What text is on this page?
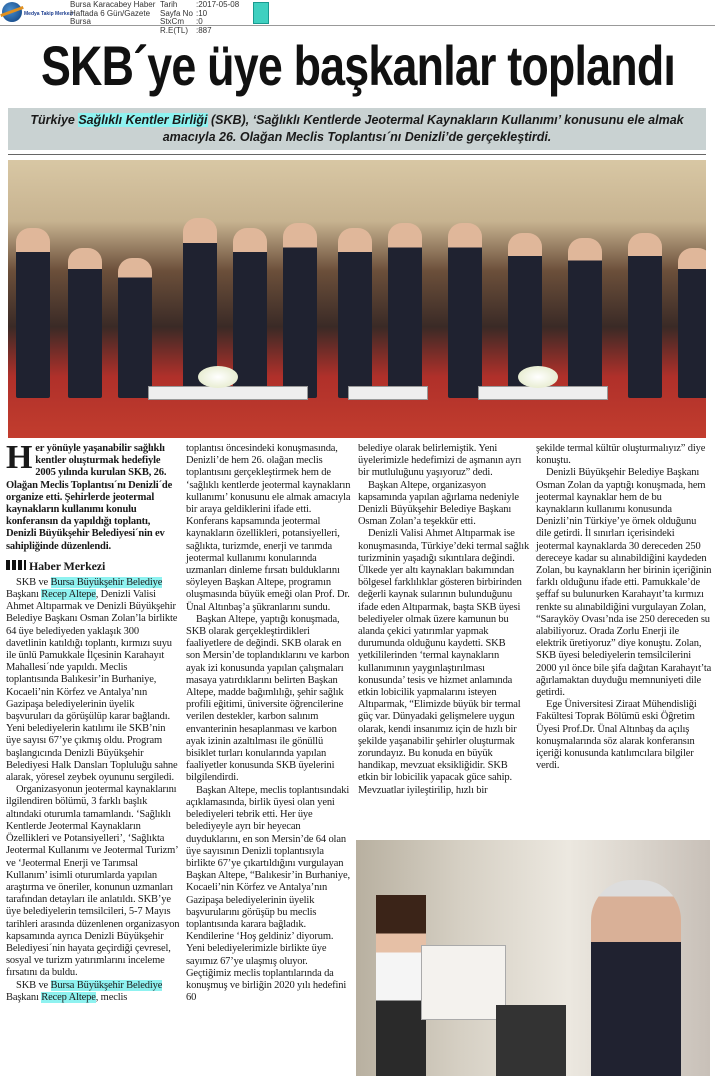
Medya Takip Merkezi
Bursa Karacabey Haber
Haftada 6 Gün/Gazete
Bursa
Tarih	:2017-05-08
Sayfa No :10
StxCm	:0
R.E(TL)	:887
SKB´ye üye başkanlar toplandı
Türkiye Sağlıklı Kentler Birliği (SKB), ‘Sağlıklı Kentlerde Jeotermal Kaynakların Kullanımı’ konusunu ele almak amacıyla 26. Olağan Meclis Toplantısı´nı Denizli’de gerçekleştirdi.
Her yönüyle yaşanabilir sağlıklı kentler oluşturmak hedefiyle 2005 yılında kurulan SKB, 26. Olağan Meclis Toplantısı´nı Denizli´de organize etti. Şehirlerde jeotermal kaynakların kullanımı konulu konferansın da yapıldığı toplantı, Denizli Büyükşehir Belediyesi´nin ev sahipliğinde düzenlendi.
Haber Merkezi

SKB ve Bursa Büyükşehir Belediye Başkanı Recep Altepe, Denizli Valisi Ahmet Altıparmak ve Denizli Büyükşehir Belediye Başkanı Osman Zolan’la birlikte 64 üye belediyeden yaklaşık 300 davetlinin katıldığı toplantı, kırmızı suyu ile ünlü Pamukkale İlçesinin Karahayıt Mahallesi´nde yapıldı. Meclis toplantısında Balıkesir’in Burhaniye, Kocaeli’nin Körfez ve Antalya’nın Gazipaşa belediyelerinin üyelik başvuruları da görüşülüp karar bağlandı. Yeni belediyelerin katılımı ile SKB’nin üye sayısı 67’ye çıkmış oldu. Program başlangıcında Denizli Büyükşehir Belediyesi Halk Dansları Topluluğu sahne alarak, yöresel zeybek oyununu sergiledi.

Organizasyonun jeotermal kaynaklarını ilgilendiren bölümü, 3 farklı başlık altındaki oturumla tamamlandı. ‘Sağlıklı Kentlerde Jeotermal Kaynakların Özellikleri ve Potansiyelleri’, ‘Sağlıkta Jeotermal Kullanımı ve Jeotermal Turizm’ ve ‘Jeotermal Enerji ve Tarımsal Kullanım’ isimli oturumlarda yapılan araştırma ve öneriler, konunun uzmanları tarafından detayları ile anlatıldı. SKB’ye üye belediyelerin temsilcileri, 5-7 Mayıs tarihleri arasında düzenlenen organizasyon kapsamında ayrıca Denizli Büyükşehir Belediyesi´nin hayata geçirdiği çevresel, sosyal ve turizm yatırımlarını inceleme fırsatını da buldu.

SKB ve Bursa Büyükşehir Belediye Başkanı Recep Altepe, meclis

toplantısı öncesindeki konuşmasında, Denizli’de hem 26. olağan meclis toplantısını gerçekleştirmek hem de ‘sağlıklı kentlerde jeotermal kaynakların kullanımı’ konusunu ele almak amacıyla bir araya geldiklerini ifade etti. Konferans kapsamında jeotermal kaynakların özellikleri, potansiyelleri, sağlıkta, turizmde, enerji ve tarımda jeotermal kullanımı konularında uzmanları dinleme fırsatı bulduklarını söyleyen Başkan Altepe, programın oluşmasında büyük emeği olan Prof. Dr. Ünal Altınbaş’a şükranlarını sundu.

Başkan Altepe, yaptığı konuşmada, SKB olarak gerçekleştirdikleri faaliyetlere de değindi. SKB olarak en son Mersin’de toplandıklarını ve karbon ayak izi konusunda yapılan çalışmaları masaya yatırdıklarını belirten Başkan Altepe, madde bağımlılığı, şehir sağlık profili eğitimi, üniversite öğrencilerine verilen destekler, karbon salınım envanterinin hesaplanması ve karbon ayak izinin azaltılması ile gönüllü bisiklet turları konularında yapılan faaliyetler konusunda SKB üyelerini bilgilendirdi.

Başkan Altepe, meclis toplantısındaki açıklamasında, birlik üyesi olan yeni belediyeleri tebrik etti. Her üye belediyeyle ayrı bir heyecan duyduklarını, en son Mersin’de 64 olan üye sayısının Denizli toplantısıyla birlikte 67’ye çıkartıldığını vurgulayan Başkan Altepe, “Balıkesir’in Burhaniye, Kocaeli’nin Körfez ve Antalya’nın Gazipaşa belediyelerinin üyelik başvurularını görüşüp bu meclis toplantısında karara bağladık. Kendilerine ‘Hoş geldiniz’ diyorum. Yeni belediyelerimizle birlikte üye sayımız 67’ye ulaşmış oluyor. Geçtiğimiz meclis toplantılarında da konuşmuş ve birliğin 2020 yılı hedefini 60

belediye olarak belirlemiştik. Yeni üyelerimizle hedefimizi de aşmanın ayrı bir mutluluğunu yaşıyoruz” dedi.

Başkan Altepe, organizasyon kapsamında yapılan ağırlama nedeniyle Denizli Büyükşehir Belediye Başkanı Osman Zolan’a teşekkür etti.

Denizli Valisi Ahmet Altıparmak ise konuşmasında, Türkiye’deki termal sağlık turizminin yaşadığı sıkıntılara değindi. Ülkede yer altı kaynakları bakımından bölgesel farklılıklar gösteren birbirinden değerli kaynak sularının bulunduğunu ifade eden Altıparmak, başta SKB üyesi belediyeler olmak üzere kamunun bu alanda çekici yatırımlar yapmak durumunda olduğunu kaydetti. SKB yetkililerinden ‘termal kaynakların kullanımının yaygınlaştırılması konusunda’ tesis ve hizmet anlamında etkin lobicilik yapmalarını isteyen Altıparmak, “Elimizde büyük bir termal güç var. Dünyadaki gelişmelere uygun olarak, kendi insanımız için de hızlı bir şekilde yaşanabilir şehirler oluşturmak zorundayız. Bu konuda en büyük handikap, mevzuat eksikliğidir. SKB etkin bir lobicilik yapacak güce sahip. Mevzuatlar iyileştirilip, hızlı bir

şekilde termal kültür oluşturmalıyız” diye konuştu.

Denizli Büyükşehir Belediye Başkanı Osman Zolan da yaptığı konuşmada, hem jeotermal kaynaklar hem de bu kaynakların kullanımı konusunda Denizli’nin Türkiye’ye örnek olduğunu dile getirdi. İl sınırları içerisindeki jeotermal kaynaklarda 30 dereceden 250 dereceye kadar su alınabildiğini kaydeden Zolan, bu kaynakların her birinin içeriğinin farklı olduğunu ifade etti. Pamukkale’de şeffaf su bulunurken Karahayıt’ta kırmızı renkte su alınabildiğini vurgulayan Zolan, “Sarayköy Ovası’nda ise 250 dereceden su alabiliyoruz. Orada Zorlu Enerji ile elektrik üretiyoruz” diye konuştu. Zolan, SKB üyesi belediyelerin temsilcilerini 2000 yıl önce bile şifa dağıtan Karahayıt’ta ağırlamaktan duyduğu memnuniyeti dile getirdi.

Ege Üniversitesi Ziraat Mühendisliği Fakültesi Toprak Bölümü eski Öğretim Üyesi Prof.Dr. Ünal Altınbaş da açılış konuşmalarında söz alarak konferansın içeriği konusunda katılımcılara bilgiler verdi.
